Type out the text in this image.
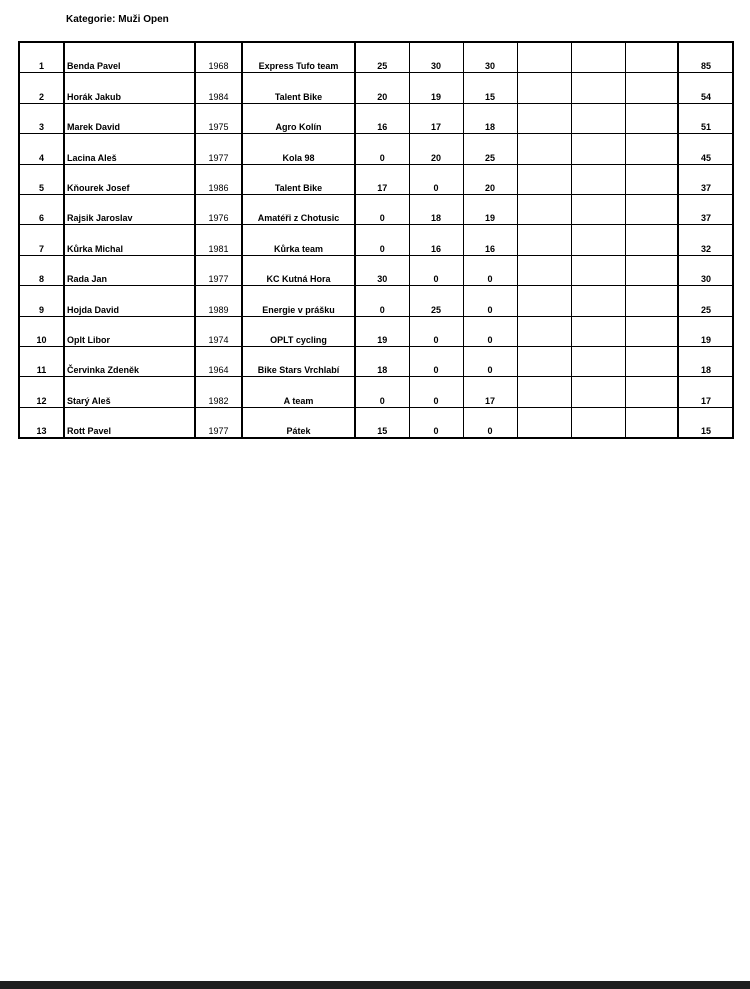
Kategorie: Muži Open
1	Benda Pavel	1968	Express Tufo team	25	30	30				85
2	Horák Jakub	1984	Talent Bike	20	19	15				54
3	Marek David	1975	Agro Kolín	16	17	18				51
4	Lacina Aleš	1977	Kola 98	0	20	25				45
5	Kňourek Josef	1986	Talent Bike	17	0	20				37
6	Rajsik Jaroslav	1976	Amatéři z Chotusic	0	18	19				37
7	Kůrka Michal	1981	Kůrka team	0	16	16				32
8	Rada Jan	1977	KC Kutná Hora	30	0	0				30
9	Hojda David	1989	Energie v prášku	0	25	0				25
10	Oplt Libor	1974	OPLT cycling	19	0	0				19
11	Červinka Zdeněk	1964	Bike Stars Vrchlabí	18	0	0				18
12	Starý Aleš	1982	A team	0	0	17				17
13	Rott Pavel	1977	Pátek	15	0	0				15
